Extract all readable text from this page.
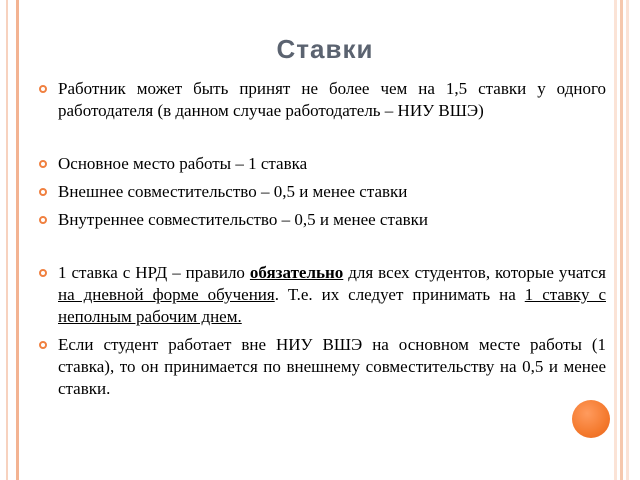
Ставки
Работник может быть принят не более чем на 1,5 ставки у одного работодателя (в данном случае работодатель – НИУ ВШЭ)
Основное место работы – 1 ставка
Внешнее совместительство – 0,5 и менее ставки
Внутреннее совместительство – 0,5 и менее ставки
1 ставка с НРД – правило обязательно для всех студентов, которые учатся на дневной форме обучения. Т.е. их следует принимать на 1 ставку с неполным рабочим днем.
Если студент работает вне НИУ ВШЭ на основном месте работы (1 ставка), то он принимается по внешнему совместительству на 0,5 и менее ставки.
